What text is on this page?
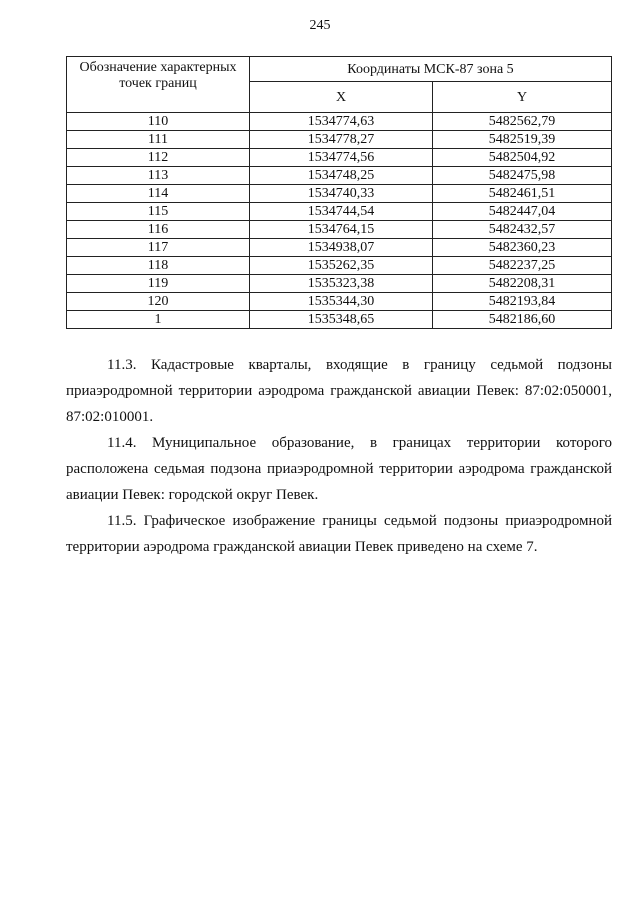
245
Обозначение характерных точек границ	Координаты МСК-87 зона 5	
	X	Y
110	1534774,63	5482562,79
111	1534778,27	5482519,39
112	1534774,56	5482504,92
113	1534748,25	5482475,98
114	1534740,33	5482461,51
115	1534744,54	5482447,04
116	1534764,15	5482432,57
117	1534938,07	5482360,23
118	1535262,35	5482237,25
119	1535323,38	5482208,31
120	1535344,30	5482193,84
1	1535348,65	5482186,60
11.3. Кадастровые кварталы, входящие в границу седьмой подзоны приаэродромной территории аэродрома гражданской авиации Певек: 87:02:050001, 87:02:010001.
11.4. Муниципальное образование, в границах территории которого расположена седьмая подзона приаэродромной территории аэродрома гражданской авиации Певек: городской округ Певек.
11.5. Графическое изображение границы седьмой подзоны приаэродромной территории аэродрома гражданской авиации Певек приведено на схеме 7.
